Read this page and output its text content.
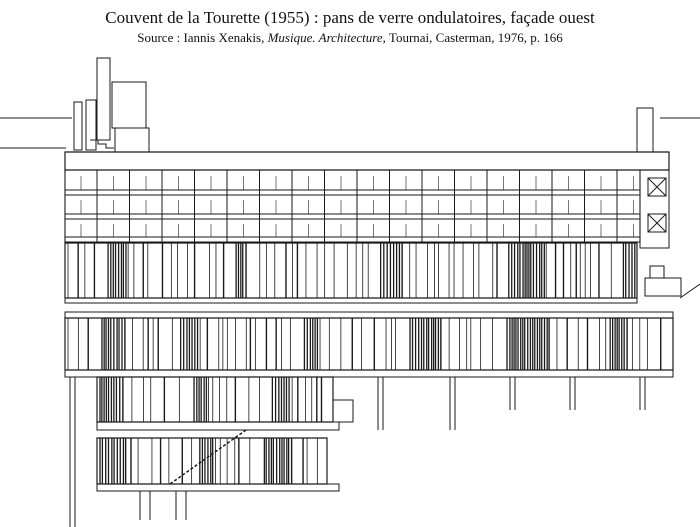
Couvent de la Tourette (1955) : pans de verre ondulatoires, façade ouest
Source : Iannis Xenakis, Musique. Architecture, Tournai, Casterman, 1976, p. 166
